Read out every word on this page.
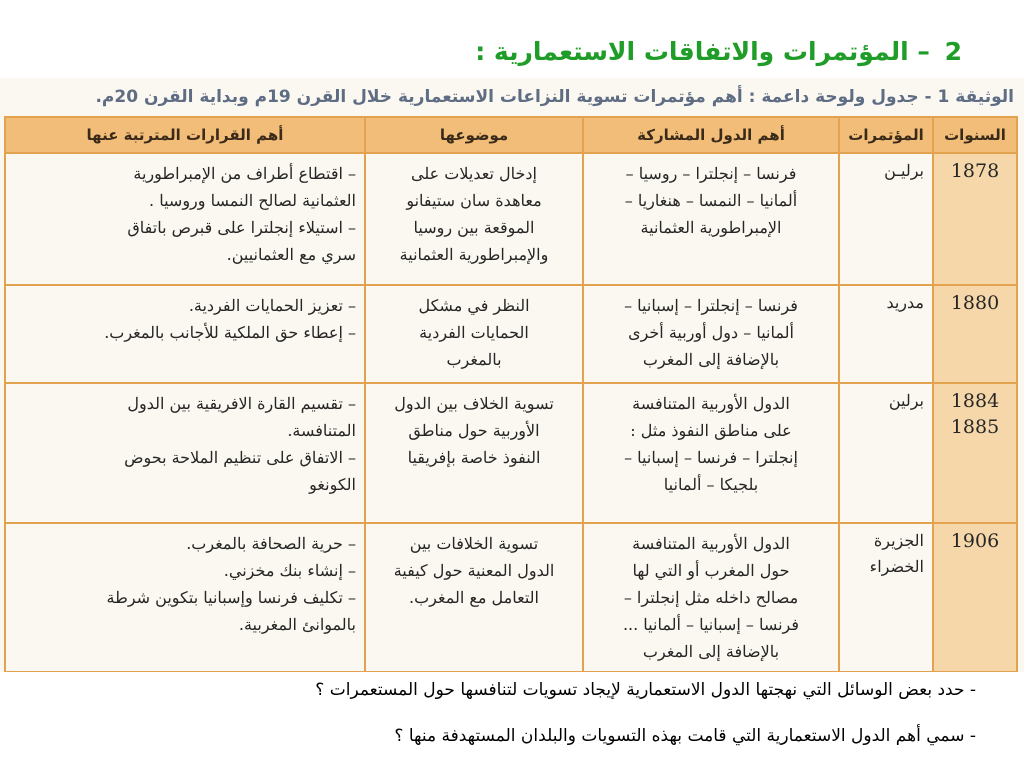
2 – المؤتمرات والاتفاقات الاستعمارية :
الوثيقة 1 - جدول ولوحة داعمة : أهم مؤتمرات تسوية النزاعات الاستعمارية خلال القرن 19م وبداية القرن 20م.
السنوات	المؤتمرات	أهم الدول المشاركة	موضوعها	أهم القرارات المترتبة عنها

1878	برليـن	فرنسا – إنجلترا – روسيا –
ألمانيا – النمسا – هنغاريا –
الإمبراطورية العثمانية	إدخال تعديلات على
معاهدة سان ستيفانو
الموقعة بين روسيا
والإمبراطورية العثمانية	– اقتطاع أطراف من الإمبراطورية
العثمانية لصالح النمسا وروسيا .
– استيلاء إنجلترا على قبرص باتفاق
سري مع العثمانيين.

1880	مدريد	فرنسا – إنجلترا – إسبانيا –
ألمانيا – دول أوربية أخرى
بالإضافة إلى المغرب	النظر في مشكل
الحمايات الفردية
بالمغرب	– تعزيز الحمايات الفردية.
– إعطاء حق الملكية للأجانب بالمغرب.

1884
1885	برلين	الدول الأوربية المتنافسة
على مناطق النفوذ مثل :
إنجلترا – فرنسا – إسبانيا –
بلجيكا – ألمانيا	تسوية الخلاف بين الدول
الأوربية حول مناطق
النفوذ خاصة بإفريقيا	– تقسيم القارة الافريقية بين الدول
المتنافسة.
– الاتفاق على تنظيم الملاحة بحوض
الكونغو

1906	الجزيرة
الخضراء	الدول الأوربية المتنافسة
حول المغرب أو التي لها
مصالح داخله مثل إنجلترا –
فرنسا – إسبانيا – ألمانيا ...
بالإضافة إلى المغرب	تسوية الخلافات بين
الدول المعنية حول كيفية
التعامل مع المغرب.	– حرية الصحافة بالمغرب.
– إنشاء بنك مخزني.
– تكليف فرنسا وإسبانيا بتكوين شرطة
بالموانئ المغربية.
- حدد بعض الوسائل التي نهجتها الدول الاستعمارية لإيجاد تسويات لتنافسها حول المستعمرات ؟
- سمي أهم الدول الاستعمارية التي قامت بهذه التسويات والبلدان المستهدفة منها ؟
